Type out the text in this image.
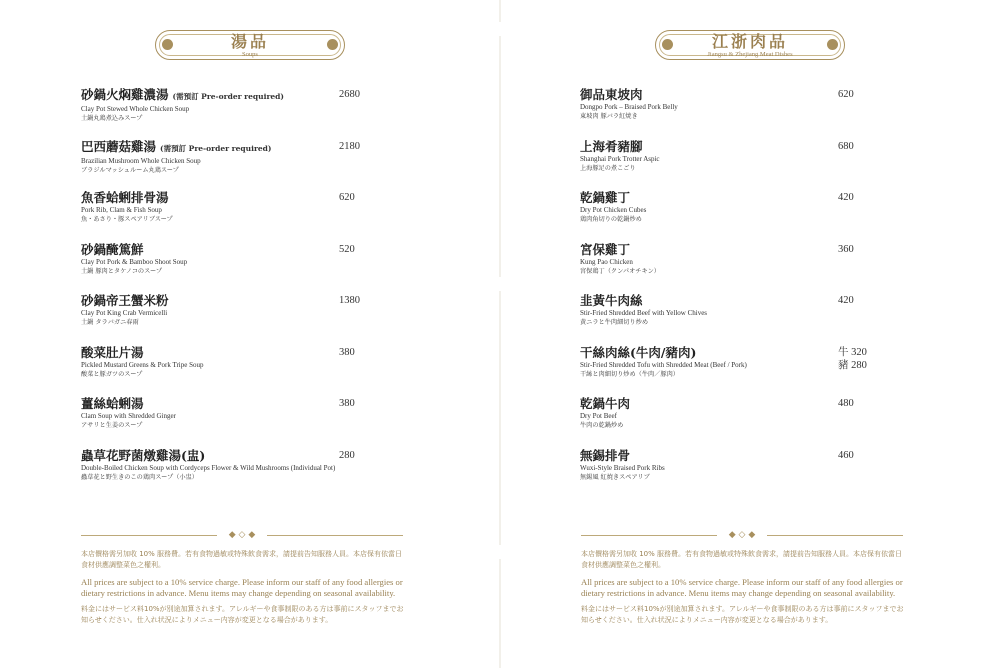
湯品
Soups
砂鍋火焖雞濃湯 (需預訂 Pre-order required)
Clay Pot Stewed Whole Chicken Soup
土鍋丸鶏煮込みスープ
2680
巴西蘑菇雞湯 (需預訂 Pre-order required)
Brazilian Mushroom Whole Chicken Soup
ブラジルマッシュルーム丸鶏スープ
2180
魚香蛤蜊排骨湯
Pork Rib, Clam & Fish Soup
魚・あさり・豚スペアリブスープ
620
砂鍋醃篤鮮
Clay Pot Pork & Bamboo Shoot Soup
土鍋 豚肉とタケノコのスープ
520
砂鍋帝王蟹米粉
Clay Pot King Crab Vermicelli
土鍋 タラバガニ春雨
1380
酸菜肚片湯
Pickled Mustard Greens & Pork Tripe Soup
酸菜と豚ガツのスープ
380
薑絲蛤蜊湯
Clam Soup with Shredded Ginger
アサリと生姜のスープ
380
蟲草花野菌燉雞湯(盅)
Double-Boiled Chicken Soup with Cordyceps Flower & Wild Mushrooms (Individual Pot)
蟲草花と野生きのこの鶏肉スープ（小盅）
280
◆ ◇ ◆
本店價格需另加收 10% 服務費。若有食物過敏或特殊飲食需求，請提前告知服務人員。本店保有依當日食材供應調整菜色之權利。
All prices are subject to a 10% service charge. Please inform our staff of any food allergies or dietary restrictions in advance. Menu items may change depending on seasonal availability.
料金にはサービス料10%が別途加算されます。アレルギーや食事制限のある方は事前にスタッフまでお知らせください。仕入れ状況によりメニュー内容が変更となる場合があります。
江浙肉品
Jiangsu & Zhejiang Meat Dishes
御品東坡肉
Dongpo Pork – Braised Pork Belly
東坡肉 豚バラ紅焼き
620
上海肴豬腳
Shanghai Pork Trotter Aspic
上海豚足の煮こごり
680
乾鍋雞丁
Dry Pot Chicken Cubes
鶏肉角切りの乾鍋炒め
420
宮保雞丁
Kung Pao Chicken
宮保鶏丁（クンパオチキン）
360
韭黃牛肉絲
Stir-Fried Shredded Beef with Yellow Chives
黄ニラと牛肉細切り炒め
420
干絲肉絲(牛肉/豬肉)
Stir-Fried Shredded Tofu with Shredded Meat (Beef / Pork)
干絲と肉細切り炒め（牛肉／豚肉）
牛 320
豬 280
乾鍋牛肉
Dry Pot Beef
牛肉の乾鍋炒め
480
無錫排骨
Wuxi-Style Braised Pork Ribs
無錫風 紅焼きスペアリブ
460
◆ ◇ ◆
本店價格需另加收 10% 服務費。若有食物過敏或特殊飲食需求，請提前告知服務人員。本店保有依當日食材供應調整菜色之權利。
All prices are subject to a 10% service charge. Please inform our staff of any food allergies or dietary restrictions in advance. Menu items may change depending on seasonal availability.
料金にはサービス料10%が別途加算されます。アレルギーや食事制限のある方は事前にスタッフまでお知らせください。仕入れ状況によりメニュー内容が変更となる場合があります。
